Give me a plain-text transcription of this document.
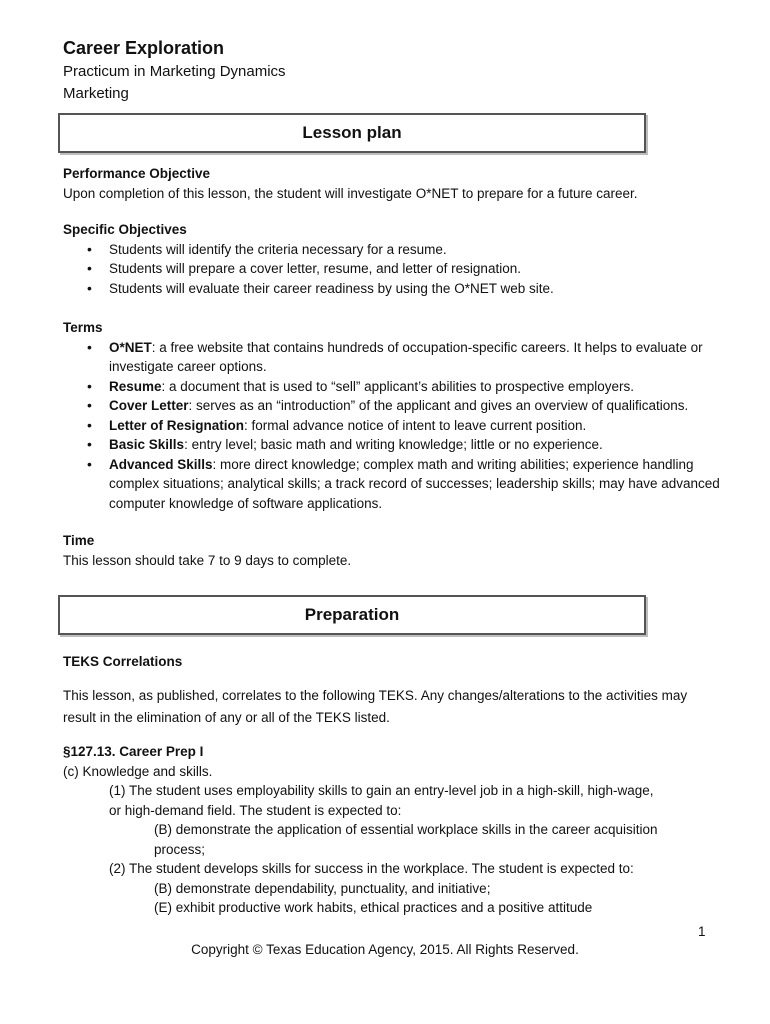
Career Exploration
Practicum in Marketing Dynamics
Marketing
Lesson plan
Performance Objective
Upon completion of this lesson, the student will investigate O*NET to prepare for a future career.
Specific Objectives
• Students will identify the criteria necessary for a resume.
• Students will prepare a cover letter, resume, and letter of resignation.
• Students will evaluate their career readiness by using the O*NET web site.
Terms
• O*NET: a free website that contains hundreds of occupation-specific careers. It helps to evaluate or investigate career options.
• Resume: a document that is used to “sell” applicant’s abilities to prospective employers.
• Cover Letter: serves as an “introduction” of the applicant and gives an overview of qualifications.
• Letter of Resignation: formal advance notice of intent to leave current position.
• Basic Skills: entry level; basic math and writing knowledge; little or no experience.
• Advanced Skills: more direct knowledge; complex math and writing abilities; experience handling complex situations; analytical skills; a track record of successes; leadership skills; may have advanced computer knowledge of software applications.
Time
This lesson should take 7 to 9 days to complete.
Preparation
TEKS Correlations
This lesson, as published, correlates to the following TEKS. Any changes/alterations to the activities may result in the elimination of any or all of the TEKS listed.
§127.13. Career Prep I
(c) Knowledge and skills.
(1) The student uses employability skills to gain an entry-level job in a high-skill, high-wage, or high-demand field. The student is expected to:
(B) demonstrate the application of essential workplace skills in the career acquisition process;
(2) The student develops skills for success in the workplace. The student is expected to:
(B) demonstrate dependability, punctuality, and initiative;
(E) exhibit productive work habits, ethical practices and a positive attitude
1
Copyright © Texas Education Agency, 2015. All Rights Reserved.
